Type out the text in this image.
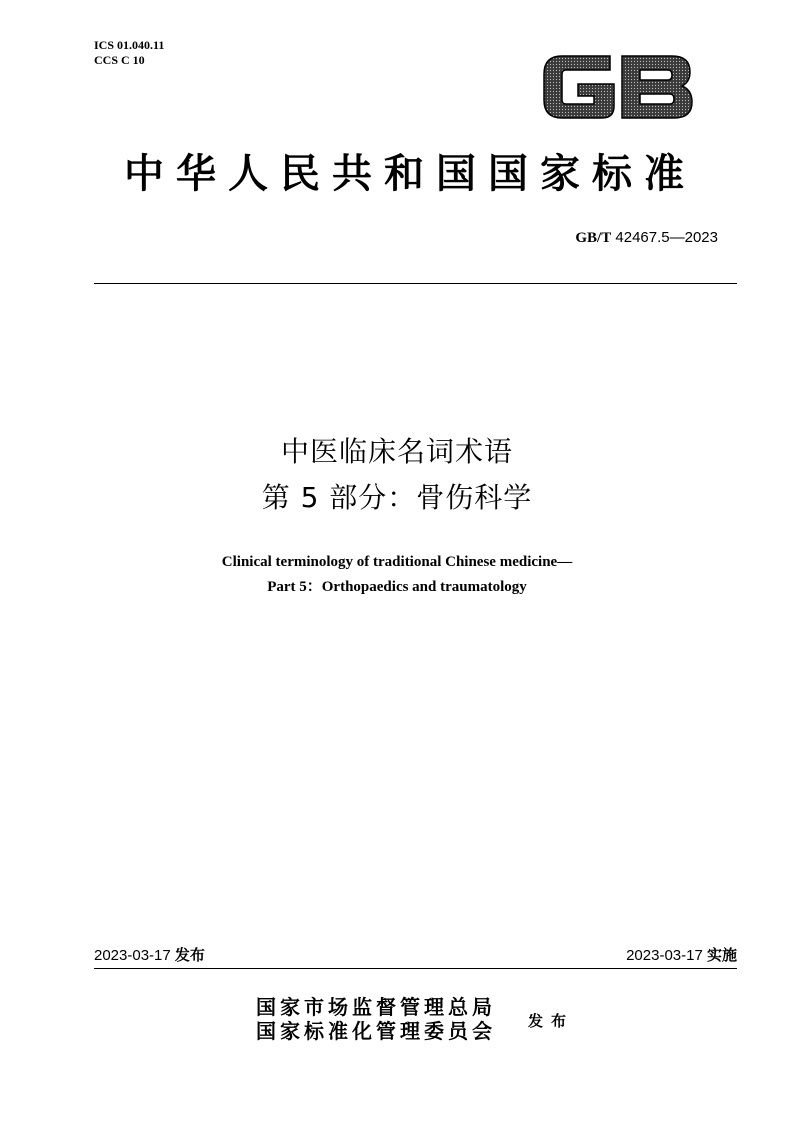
ICS 01.040.11
CCS C 10
中华人民共和国国家标准
GB/T 42467.5—2023
中医临床名词术语
第 5 部分：骨伤科学
Clinical terminology of traditional Chinese medicine—
Part 5：Orthopaedics and traumatology
2023-03-17 发布	2023-03-17 实施
国家市场监督管理总局
国家标准化管理委员会 发布
